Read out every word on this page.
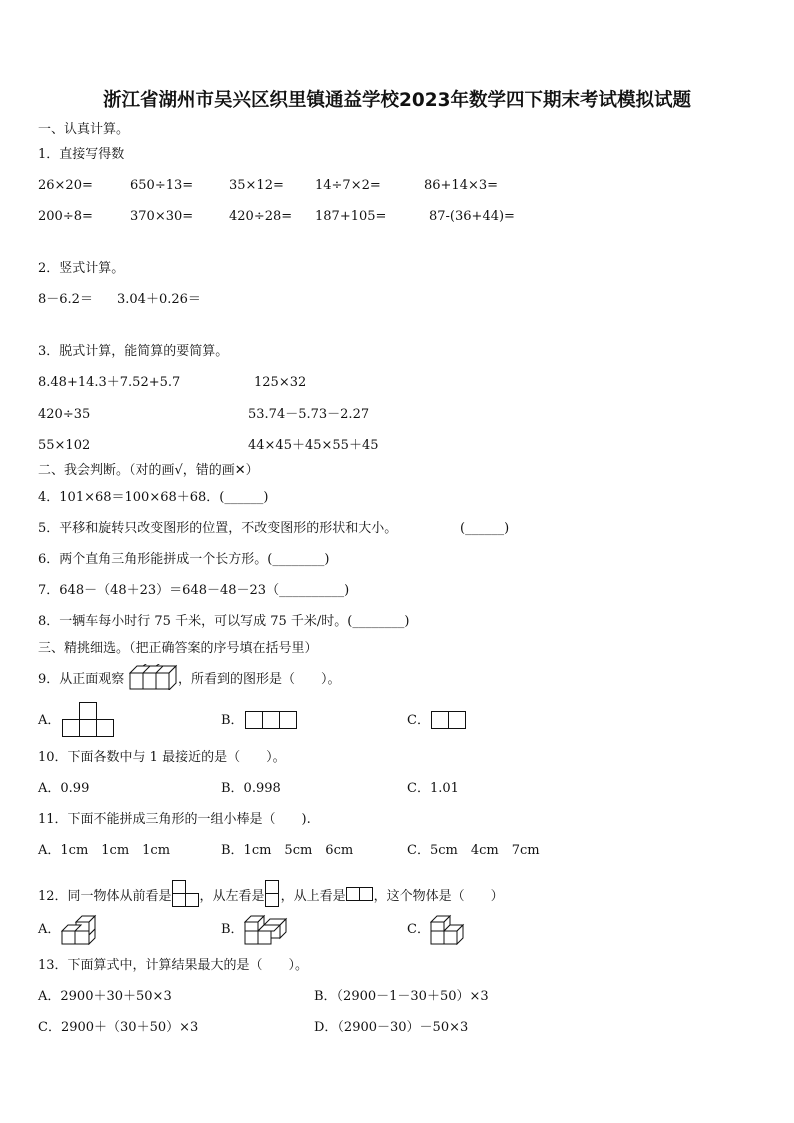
浙江省湖州市吴兴区织里镇通益学校2023年数学四下期末考试模拟试题
一、认真计算。
1．直接写得数
26×20=	650÷13=	35×12= 14÷7×2=	86+14×3=
200÷8=	370×30=	420÷28= 187+105=	87-(36+44)=
2．竖式计算。
8－6.2＝ 3.04＋0.26＝
3．脱式计算，能简算的要简算。
8.48+14.3＋7.52+5.7	125×32
420÷35	53.74－5.73－2.27
55×102	44×45＋45×55＋45
二、我会判断。（对的画√，错的画✕）
4．101×68＝100×68＋68．(______)
5．平移和旋转只改变图形的位置，不改变图形的形状和大小。	(______)
6．两个直角三角形能拼成一个长方形。(________)
7．648－（48＋23）＝648－48－23（__________)
8．一辆车每小时行 75 千米，可以写成 75 千米/时。(________)
三、精挑细选。（把正确答案的序号填在括号里）
9．从正面观察	，所看到的图形是（　　）。
A．	B．	C．
10．下面各数中与 1 最接近的是（　　）。
A．0.99	B．0.998	C．1.01
11．下面不能拼成三角形的一组小棒是（　　).
A．1cm　1cm　1cm	B．1cm　5cm　6cm	C．5cm　4cm　7cm
12．同一物体从前看是 ，从左看是 ，从上看是 ，这个物体是（　　）
A．	B．	C．
13．下面算式中，计算结果最大的是（　　）。
A．2900＋30＋50×3	B．（2900－1－30＋50）×3
C．2900＋（30＋50）×3	D．（2900－30）－50×3
